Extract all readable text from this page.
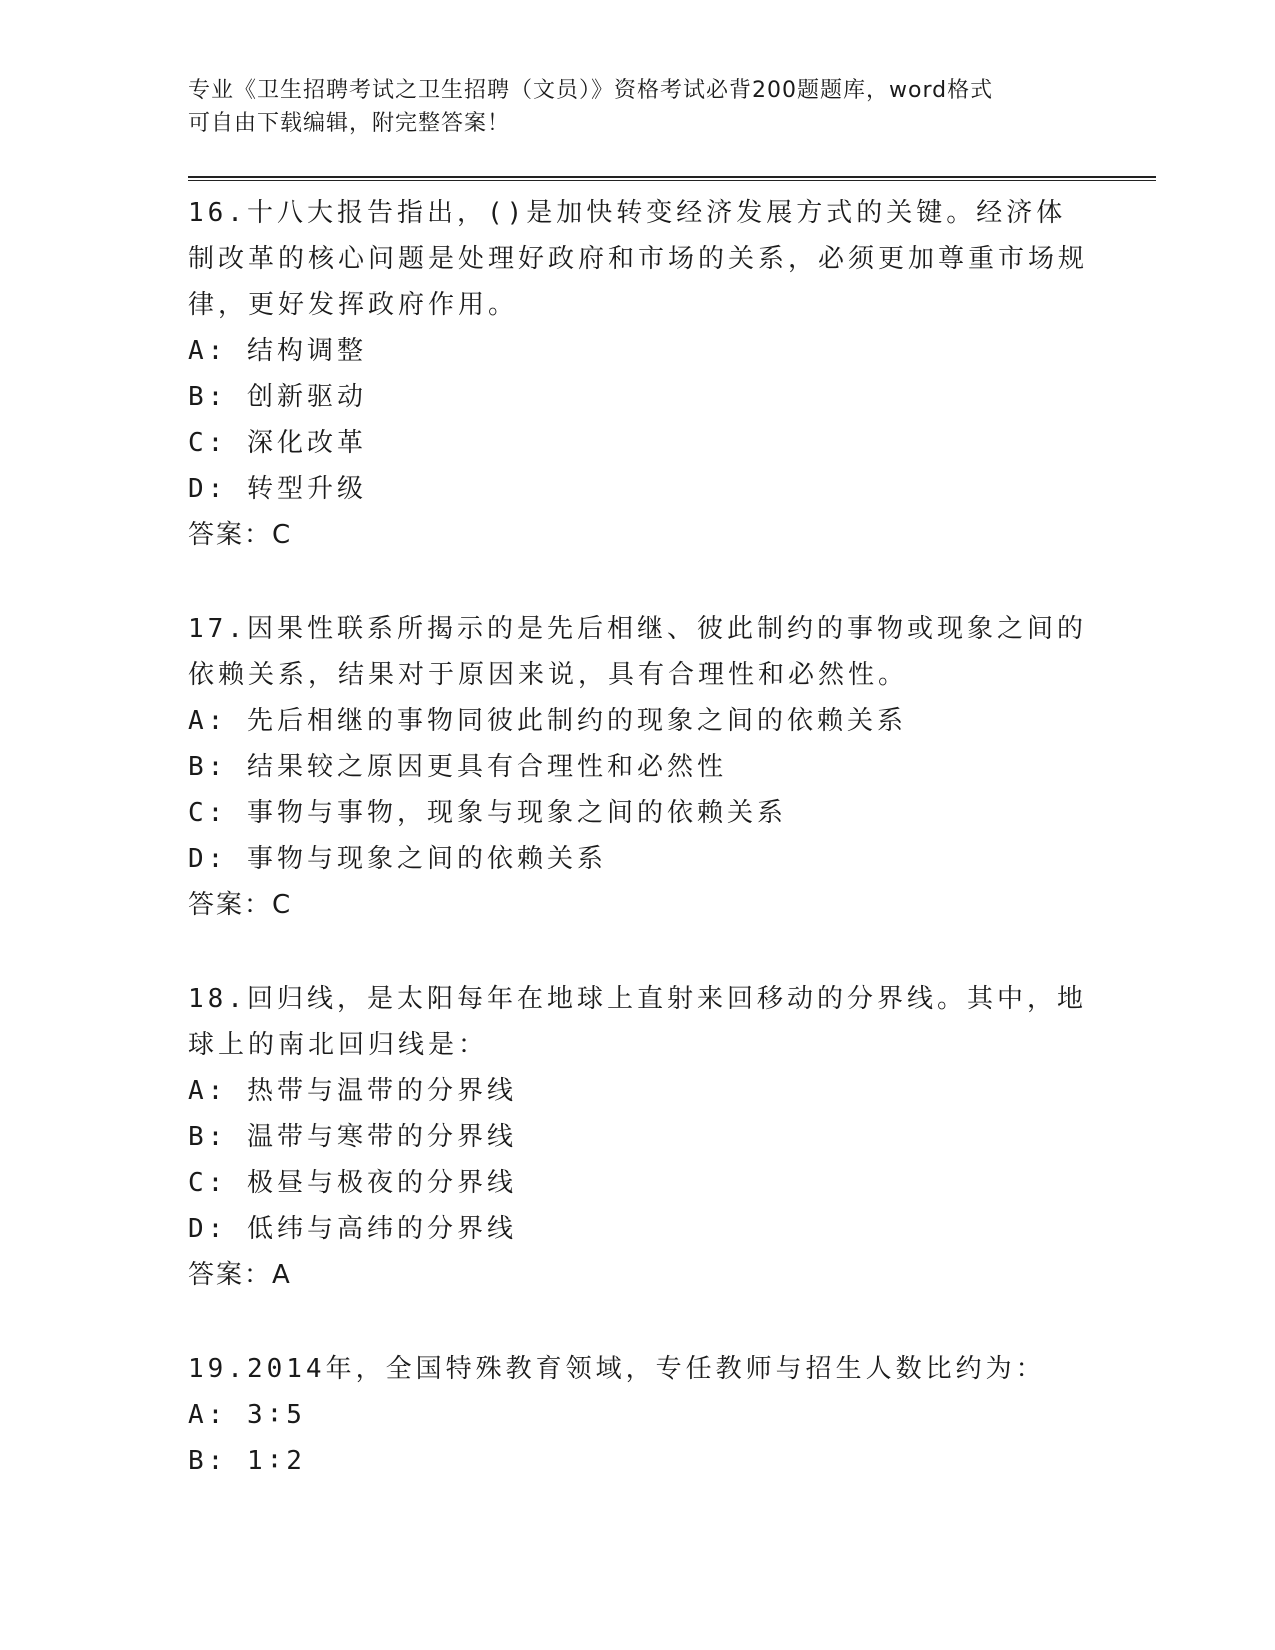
专业《卫生招聘考试之卫生招聘（文员）》资格考试必背200题题库，word格式
可自由下载编辑，附完整答案！
16.十八大报告指出，()是加快转变经济发展方式的关键。经济体制改革的核心问题是处理好政府和市场的关系，必须更加尊重市场规律，更好发挥政府作用。
A: 结构调整
B: 创新驱动
C: 深化改革
D: 转型升级
答案：C
17.因果性联系所揭示的是先后相继、彼此制约的事物或现象之间的依赖关系，结果对于原因来说，具有合理性和必然性。
A: 先后相继的事物同彼此制约的现象之间的依赖关系
B: 结果较之原因更具有合理性和必然性
C: 事物与事物，现象与现象之间的依赖关系
D: 事物与现象之间的依赖关系
答案：C
18.回归线，是太阳每年在地球上直射来回移动的分界线。其中，地球上的南北回归线是：
A: 热带与温带的分界线
B: 温带与寒带的分界线
C: 极昼与极夜的分界线
D: 低纬与高纬的分界线
答案：A
19.2014年，全国特殊教育领域，专任教师与招生人数比约为：
A: 3∶5
B: 1∶2
